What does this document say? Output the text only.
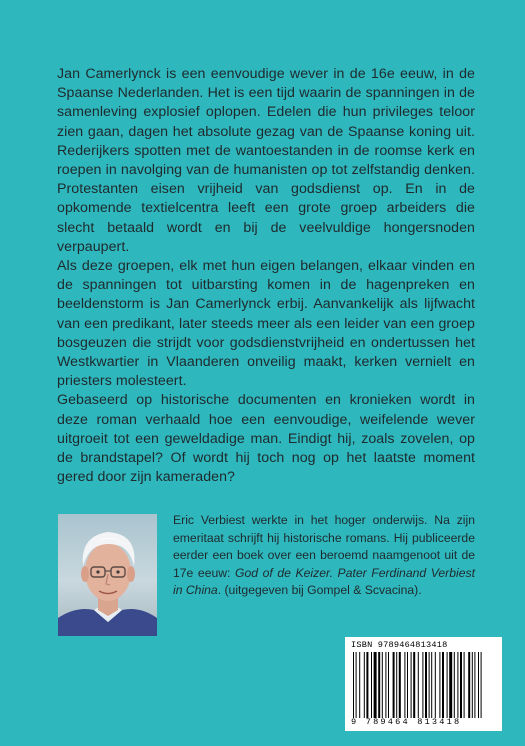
Jan Camerlynck is een eenvoudige wever in de 16e eeuw, in de Spaanse Nederlanden. Het is een tijd waarin de spanningen in de samenleving explosief oplopen. Edelen die hun privileges teloor zien gaan, dagen het absolute gezag van de Spaanse koning uit. Rederijkers spotten met de wantoestanden in de roomse kerk en roepen in navolging van de humanisten op tot zelfstandig denken. Protestanten eisen vrijheid van godsdienst op. En in de opkomende textielcentra leeft een grote groep arbeiders die slecht betaald wordt en bij de veelvuldige hongersnoden verpaupert.

Als deze groepen, elk met hun eigen belangen, elkaar vinden en de spanningen tot uitbarsting komen in de hagenpreken en beeldenstorm is Jan Camerlynck erbij. Aanvankelijk als lijfwacht van een predikant, later steeds meer als een leider van een groep bosgeuzen die strijdt voor godsdienstvrijheid en ondertussen het Westkwartier in Vlaanderen onveilig maakt, kerken vernielt en priesters molesteert.

Gebaseerd op historische documenten en kronieken wordt in deze roman verhaald hoe een eenvoudige, weifelende wever uitgroeit tot een geweldadige man. Eindigt hij, zoals zovelen, op de brandstapel? Of wordt hij toch nog op het laatste moment gered door zijn kameraden?

Eric Verbiest werkte in het hoger onderwijs. Na zijn emeritaat schrijft hij historische romans. Hij publiceerde eerder een boek over een beroemd naamgenoot uit de 17e eeuw: God of de Keizer. Pater Ferdinand Verbiest in China. (uitgegeven bij Gompel & Scvacina).
ISBN 9789464813418
9 789464 813418
